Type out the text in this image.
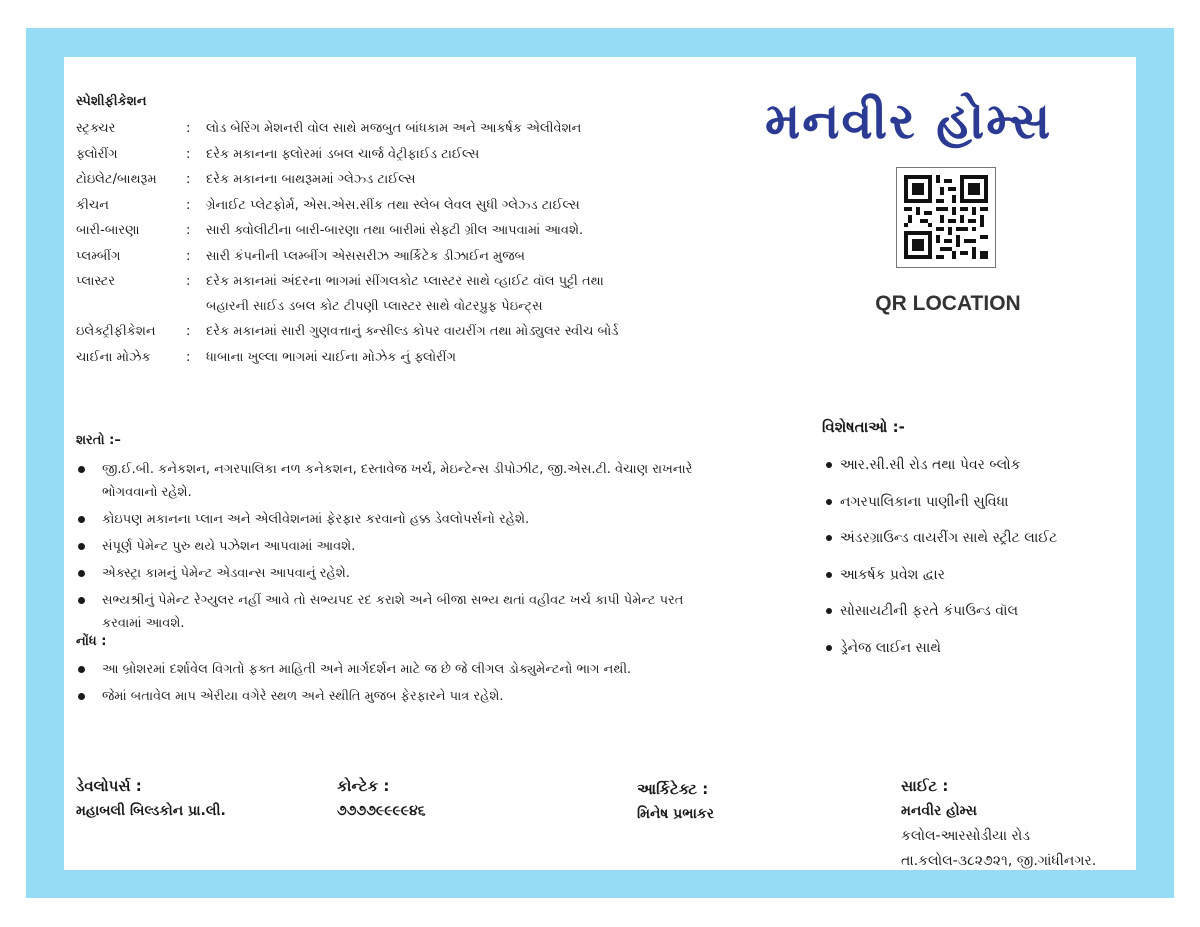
સ્પેશીફીકેશન
સ્ટ્રક્ચર	:	લોડ બેરિંગ મેશનરી વોલ સાથે મજબુત બાંધકામ અને આકર્ષક એલીવેશન
ફ્લોરીંગ	:	દરેક મકાનના ફ્લોરમાં ડબલ ચાર્જ વેટ્રીફાઈડ ટાઈલ્સ
ટોઇલેટ/બાથરૂમ	:	દરેક મકાનના બાથરૂમમાં ગ્લેઝ્ડ ટાઈલ્સ
કીચન	:	ગ્રેનાઈટ પ્લેટફોર્મ, એસ.એસ.સીંક તથા સ્લેબ લેવલ સુધી ગ્લેઝ્ડ ટાઈલ્સ
બારી-બારણા	:	સારી ક્વોલીટીના બારી-બારણા તથા બારીમાં સેફ્ટી ગ્રીલ આપવામાં આવશે.
પ્લમ્બીંગ	:	સારી કંપનીની પ્લમ્બીંગ એસસરીઝ આર્કિટેક ડીઝાઈન મુજબ
પ્લાસ્ટર	:	દરેક મકાનમાં અંદરના ભાગમાં સીંગલકોટ પ્લાસ્ટર સાથે વ્હાઈટ વૉલ પુટ્ટી તથા
બહારની સાઈડ ડબલ કોટ ટીપણી પ્લાસ્ટર સાથે વોટરપ્રુફ પેઇન્ટ્સ
ઇલેક્ટ્રીફીકેશન	:	દરેક મકાનમાં સારી ગુણવત્તાનું ક્ન્સીલ્ડ કોપર વાયરીંગ તથા મોડ્યુલર સ્વીચ બોર્ડ
ચાઈના મોઝેક	:	ધાબાના ખુલ્લા ભાગમાં ચાઈના મોઝેક નું ફ્લોરીંગ
મનવીર હોમ્સ
QR LOCATION
શરતો :–
જી.ઈ.બી. કનેકશન, નગરપાલિકા નળ કનેકશન, દસ્તાવેજ ખર્ચ, મેઇન્ટેન્સ ડીપોઝીટ, જી.એસ.ટી. વેચાણ રાખનારે ભોગવવાનો રહેશે.
કોઇપણ મકાનના પ્લાન અને એલીવેશનમાં ફેરફાર કરવાનો હક્ક ડેવલોપર્સનો રહેશે.
સંપૂર્ણ પેમેન્ટ પુરુ થયે પઝેશન આપવામાં આવશે.
એક્સ્ટ્રા કામનું પેમેન્ટ એડવાન્સ આપવાનું રહેશે.
સભ્યશ્રીનું પેમેન્ટ રેગ્યુલર નહીં આવે તો સભ્યપદ રદ કરાશે અને બીજા સભ્ય થતાં વહીવટ ખર્ચ કાપી પેમેન્ટ પરત કરવામાં આવશે.
નોંધ :
આ બ્રોશરમાં દર્શાવેલ વિગતો ફક્ત માહિતી અને માર્ગદર્શન માટે જ છે જે લીગલ ડોક્યુમેન્ટનો ભાગ નથી.
જેમાં બતાવેલ માપ એરીયા વગેરે સ્થળ અને સ્થીતિ મુજબ ફેરફારને પાત્ર રહેશે.
વિશેષતાઓ :-
આર.સી.સી રોડ તથા પેવર બ્લોક
નગરપાલિકાના પાણીની સુવિધા
અંડરગ્રાઉન્ડ વાયરીંગ સાથે સ્ટ્રીટ લાઈટ
આકર્ષક પ્રવેશ દ્વાર
સોસાયટીની ફરતે કંપાઉન્ડ વૉલ
ડ્રેનેજ લાઈન સાથે
ડેવલોપર્સ :
મહાબલી બિલ્ડકોન પ્રા.લી.
કોન્ટેક :
૭૭૭૭૯૯૯૯૪૬
આર્કિટેક્ટ :
મિનેષ પ્રભાકર
સાઈટ :
મનવીર હોમ્સ
કલોલ-આરસોડીયા રોડ
તા.કલોલ-૩૮૨૭૨૧, જી.ગાંધીનગર.
